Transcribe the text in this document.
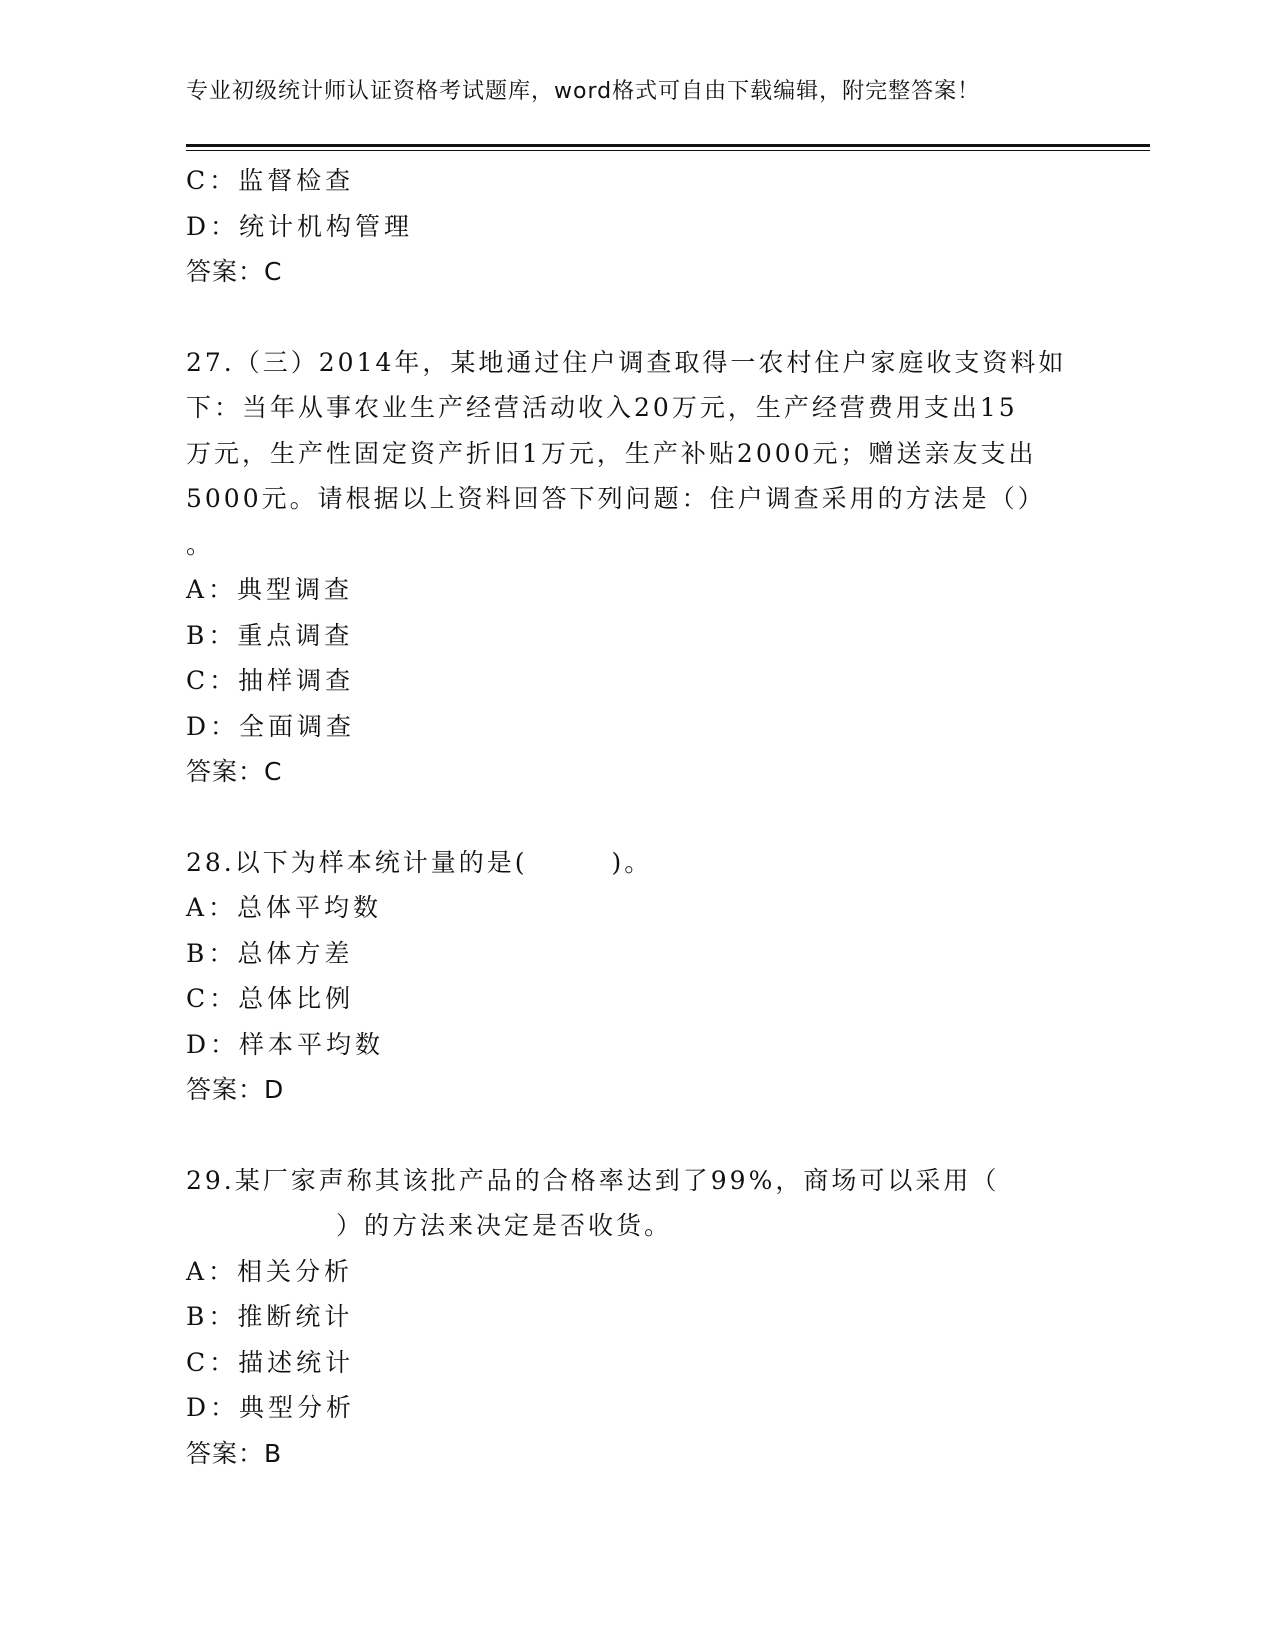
专业初级统计师认证资格考试题库，word格式可自由下载编辑，附完整答案！
C：监督检查
D：统计机构管理
答案：C
27.（三）2014年，某地通过住户调查取得一农村住户家庭收支资料如
下：当年从事农业生产经营活动收入20万元，生产经营费用支出15
万元，生产性固定资产折旧1万元，生产补贴2000元；赠送亲友支出
5000元。请根据以上资料回答下列问题：住户调查采用的方法是（）
。
A：典型调查
B：重点调查
C：抽样调查
D：全面调查
答案：C
28.以下为样本统计量的是(　　　)。
A：总体平均数
B：总体方差
C：总体比例
D：样本平均数
答案：D
29.某厂家声称其该批产品的合格率达到了99%，商场可以采用（
）的方法来决定是否收货。
A：相关分析
B：推断统计
C：描述统计
D：典型分析
答案：B
